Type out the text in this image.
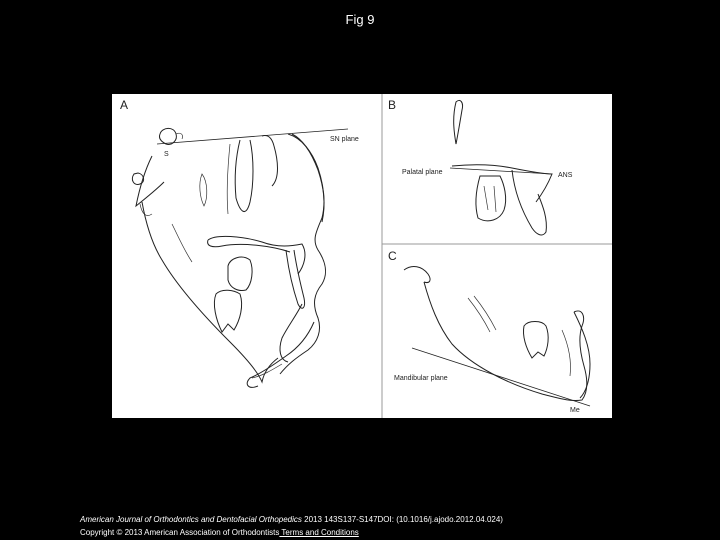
Fig 9
A
SN plane
S
B
Palatal plane	ANS
C
Mandibular plane
Me
American Journal of Orthodontics and Dentofacial Orthopedics 2013 143S137-S147DOI: (10.1016/j.ajodo.2012.04.024)
Copyright © 2013 American Association of Orthodontists Terms and Conditions
